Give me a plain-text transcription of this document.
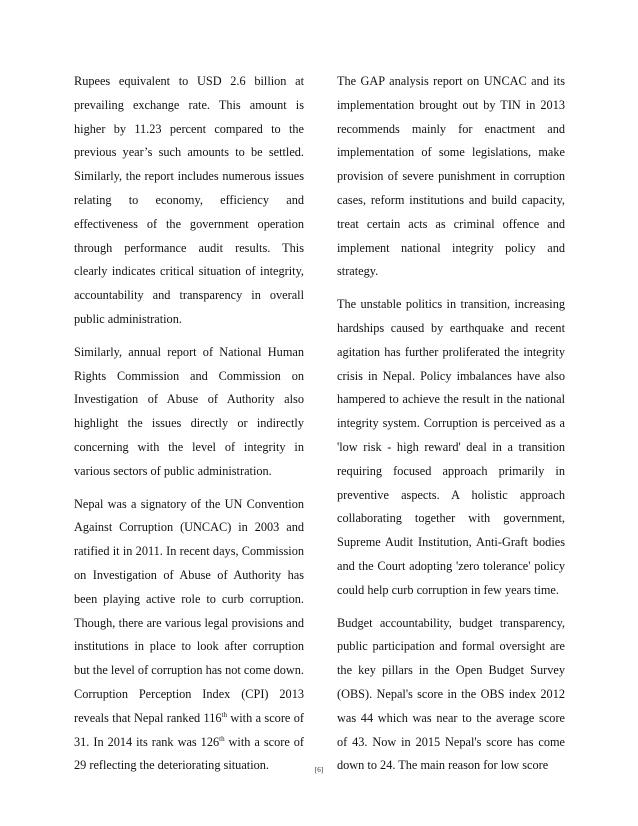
Rupees equivalent to USD 2.6 billion at prevailing exchange rate. This amount is higher by 11.23 percent compared to the previous year’s such amounts to be settled. Similarly, the report includes numerous issues relating to economy, efficiency and effectiveness of the government operation through performance audit results. This clearly indicates critical situation of integrity, accountability and transparency in overall public administration.

Similarly, annual report of National Human Rights Commission and Commission on Investigation of Abuse of Authority also highlight the issues directly or indirectly concerning with the level of integrity in various sectors of public administration.

Nepal was a signatory of the UN Convention Against Corruption (UNCAC) in 2003 and ratified it in 2011. In recent days, Commission on Investigation of Abuse of Authority has been playing active role to curb corruption. Though, there are various legal provisions and institutions in place to look after corruption but the level of corruption has not come down. Corruption Perception Index (CPI) 2013 reveals that Nepal ranked 116th with a score of 31. In 2014 its rank was 126th with a score of 29 reflecting the deteriorating situation.

The GAP analysis report on UNCAC and its implementation brought out by TIN in 2013 recommends mainly for enactment and implementation of some legislations, make provision of severe punishment in corruption cases, reform institutions and build capacity, treat certain acts as criminal offence and implement national integrity policy and strategy.

The unstable politics in transition, increasing hardships caused by earthquake and recent agitation has further proliferated the integrity crisis in Nepal. Policy imbalances have also hampered to achieve the result in the national integrity system. Corruption is perceived as a 'low risk - high reward' deal in a transition requiring focused approach primarily in preventive aspects. A holistic approach collaborating together with government, Supreme Audit Institution, Anti-Graft bodies and the Court adopting 'zero tolerance' policy could help curb corruption in few years time.

Budget accountability, budget transparency, public participation and formal oversight are the key pillars in the Open Budget Survey (OBS). Nepal's score in the OBS index 2012 was 44 which was near to the average score of 43. Now in 2015 Nepal's score has come down to 24. The main reason for low score

[6]
